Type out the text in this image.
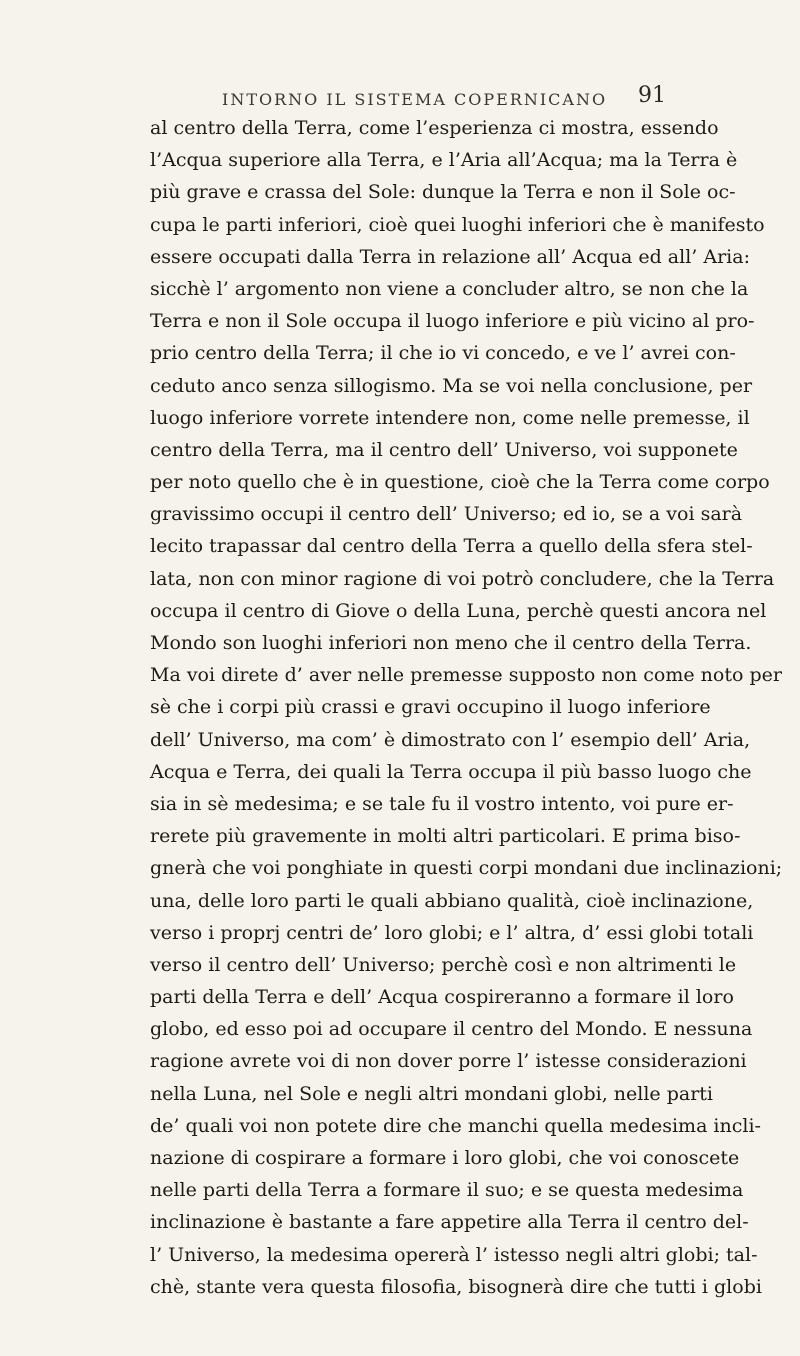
INTORNO IL SISTEMA COPERNICANO 91
al centro della Terra, come l’esperienza ci mostra, essendo
l’Acqua superiore alla Terra, e l’Aria all’Acqua; ma la Terra è
più grave e crassa del Sole: dunque la Terra e non il Sole oc-
cupa le parti inferiori, cioè quei luoghi inferiori che è manifesto
essere occupati dalla Terra in relazione all’ Acqua ed all’ Aria:
sicchè l’ argomento non viene a concluder altro, se non che la
Terra e non il Sole occupa il luogo inferiore e più vicino al pro-
prio centro della Terra; il che io vi concedo, e ve l’ avrei con-
ceduto anco senza sillogismo. Ma se voi nella conclusione, per
luogo inferiore vorrete intendere non, come nelle premesse, il
centro della Terra, ma il centro dell’ Universo, voi supponete
per noto quello che è in questione, cioè che la Terra come corpo
gravissimo occupi il centro dell’ Universo; ed io, se a voi sarà
lecito trapassar dal centro della Terra a quello della sfera stel-
lata, non con minor ragione di voi potrò concludere, che la Terra
occupa il centro di Giove o della Luna, perchè questi ancora nel
Mondo son luoghi inferiori non meno che il centro della Terra.
Ma voi direte d’ aver nelle premesse supposto non come noto per
sè che i corpi più crassi e gravi occupino il luogo inferiore
dell’ Universo, ma com’ è dimostrato con l’ esempio dell’ Aria,
Acqua e Terra, dei quali la Terra occupa il più basso luogo che
sia in sè medesima; e se tale fu il vostro intento, voi pure er-
rerete più gravemente in molti altri particolari. E prima biso-
gnerà che voi ponghiate in questi corpi mondani due inclinazioni;
una, delle loro parti le quali abbiano qualità, cioè inclinazione,
verso i proprj centri de’ loro globi; e l’ altra, d’ essi globi totali
verso il centro dell’ Universo; perchè così e non altrimenti le
parti della Terra e dell’ Acqua cospireranno a formare il loro
globo, ed esso poi ad occupare il centro del Mondo. E nessuna
ragione avrete voi di non dover porre l’ istesse considerazioni
nella Luna, nel Sole e negli altri mondani globi, nelle parti
de’ quali voi non potete dire che manchi quella medesima incli-
nazione di cospirare a formare i loro globi, che voi conoscete
nelle parti della Terra a formare il suo; e se questa medesima
inclinazione è bastante a fare appetire alla Terra il centro del-
l’ Universo, la medesima opererà l’ istesso negli altri globi; tal-
chè, stante vera questa filosofia, bisognerà dire che tutti i globi
